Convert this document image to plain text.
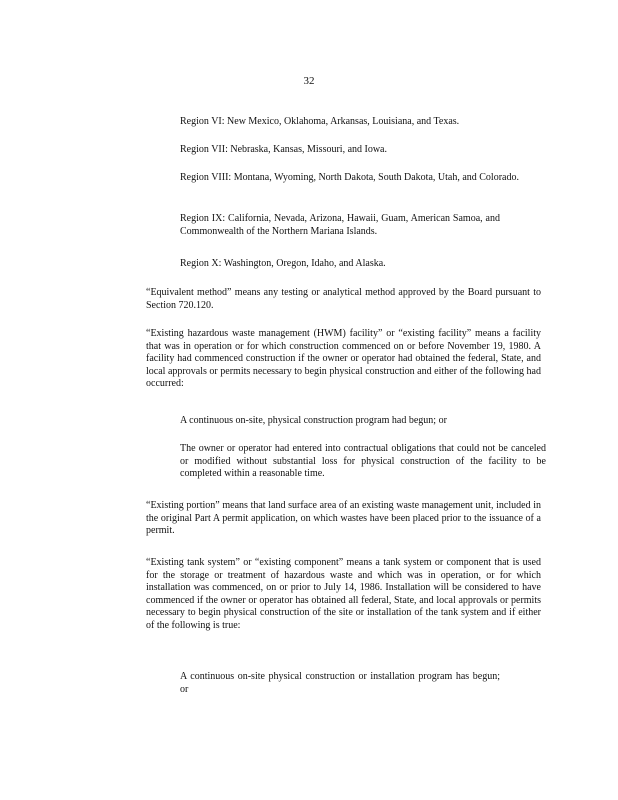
32

Region VI: New Mexico, Oklahoma, Arkansas, Louisiana, and Texas.

Region VII: Nebraska, Kansas, Missouri, and Iowa.

Region VIII: Montana, Wyoming, North Dakota, South Dakota, Utah, and Colorado.

Region IX: California, Nevada, Arizona, Hawaii, Guam, American Samoa, and Commonwealth of the Northern Mariana Islands.

Region X: Washington, Oregon, Idaho, and Alaska.

“Equivalent method” means any testing or analytical method approved by the Board pursuant to Section 720.120.

“Existing hazardous waste management (HWM) facility” or “existing facility” means a facility that was in operation or for which construction commenced on or before November 19, 1980. A facility had commenced construction if the owner or operator had obtained the federal, State, and local approvals or permits necessary to begin physical construction and either of the following had occurred:

A continuous on-site, physical construction program had begun; or

The owner or operator had entered into contractual obligations that could not be canceled or modified without substantial loss for physical construction of the facility to be completed within a reasonable time.

“Existing portion” means that land surface area of an existing waste management unit, included in the original Part A permit application, on which wastes have been placed prior to the issuance of a permit.

“Existing tank system” or “existing component” means a tank system or component that is used for the storage or treatment of hazardous waste and which was in operation, or for which installation was commenced, on or prior to July 14, 1986. Installation will be considered to have commenced if the owner or operator has obtained all federal, State, and local approvals or permits necessary to begin physical construction of the site or installation of the tank system and if either of the following is true:

A continuous on-site physical construction or installation program has begun; or
